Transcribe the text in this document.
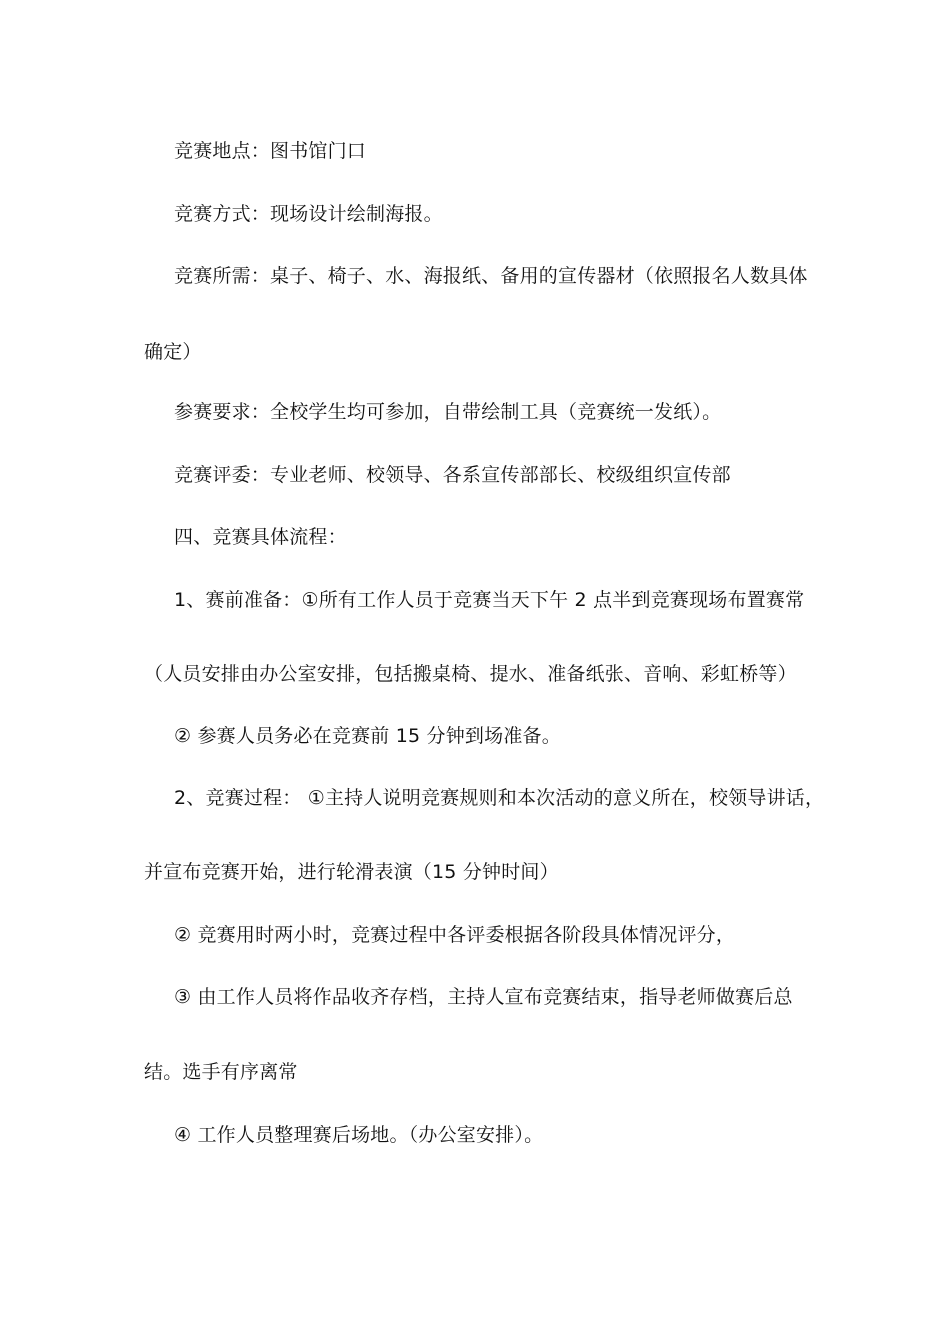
竞赛地点：图书馆门口
竞赛方式：现场设计绘制海报。
竞赛所需：桌子、椅子、水、海报纸、备用的宣传器材（依照报名人数具体
确定）
参赛要求：全校学生均可参加，自带绘制工具（竞赛统一发纸）。
竞赛评委：专业老师、校领导、各系宣传部部长、校级组织宣传部
四、竞赛具体流程：
1、赛前准备：①所有工作人员于竞赛当天下午 2 点半到竞赛现场布置赛常
（人员安排由办公室安排，包括搬桌椅、提水、准备纸张、音响、彩虹桥等）
② 参赛人员务必在竞赛前 15 分钟到场准备。
2、竞赛过程： ①主持人说明竞赛规则和本次活动的意义所在，校领导讲话，
并宣布竞赛开始，进行轮滑表演（15 分钟时间）
② 竞赛用时两小时，竞赛过程中各评委根据各阶段具体情况评分，
③ 由工作人员将作品收齐存档，主持人宣布竞赛结束，指导老师做赛后总
结。选手有序离常
④ 工作人员整理赛后场地。（办公室安排）。
